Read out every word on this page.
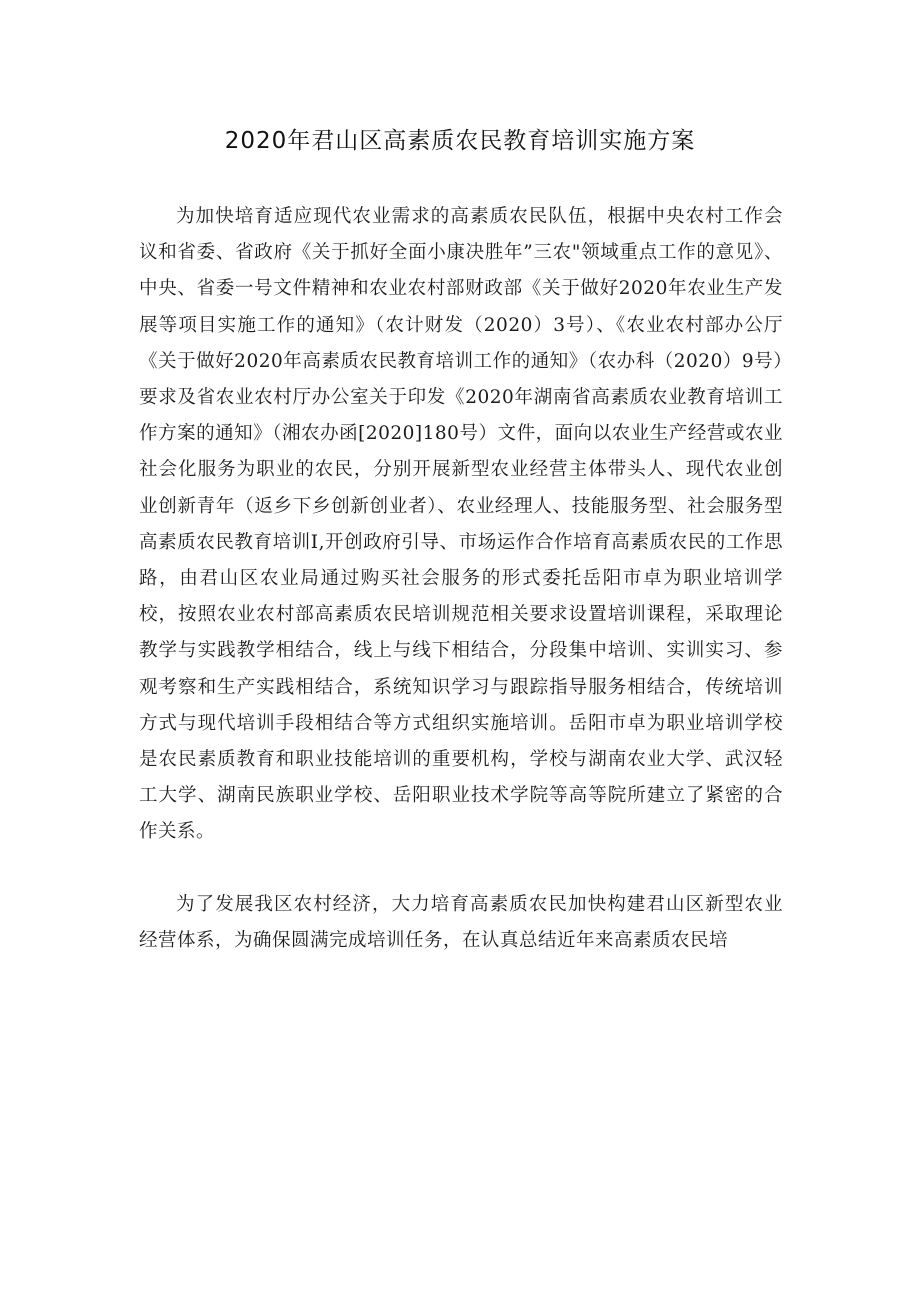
2020年君山区高素质农民教育培训实施方案

为加快培育适应现代农业需求的高素质农民队伍，根据中央农村工作会议和省委、省政府《关于抓好全面小康决胜年”三农"领域重点工作的意见》、中央、省委一号文件精神和农业农村部财政部《关于做好2020年农业生产发展等项目实施工作的通知》（农计财发（2020）3号）、《农业农村部办公厅《关于做好2020年高素质农民教育培训工作的通知》（农办科（2020）9号）要求及省农业农村厅办公室关于印发《2020年湖南省高素质农业教育培训工作方案的通知》（湘农办函[2020]180号）文件，面向以农业生产经营或农业社会化服务为职业的农民，分别开展新型农业经营主体带头人、现代农业创业创新青年（返乡下乡创新创业者）、农业经理人、技能服务型、社会服务型高素质农民教育培训I,开创政府引导、市场运作合作培育高素质农民的工作思路，由君山区农业局通过购买社会服务的形式委托岳阳市卓为职业培训学校，按照农业农村部高素质农民培训规范相关要求设置培训课程，采取理论教学与实践教学相结合，线上与线下相结合，分段集中培训、实训实习、参观考察和生产实践相结合，系统知识学习与跟踪指导服务相结合，传统培训方式与现代培训手段相结合等方式组织实施培训。岳阳市卓为职业培训学校是农民素质教育和职业技能培训的重要机构，学校与湖南农业大学、武汉轻工大学、湖南民族职业学校、岳阳职业技术学院等高等院所建立了紧密的合作关系。

为了发展我区农村经济，大力培育高素质农民加快构建君山区新型农业经营体系，为确保圆满完成培训任务，在认真总结近年来高素质农民培
